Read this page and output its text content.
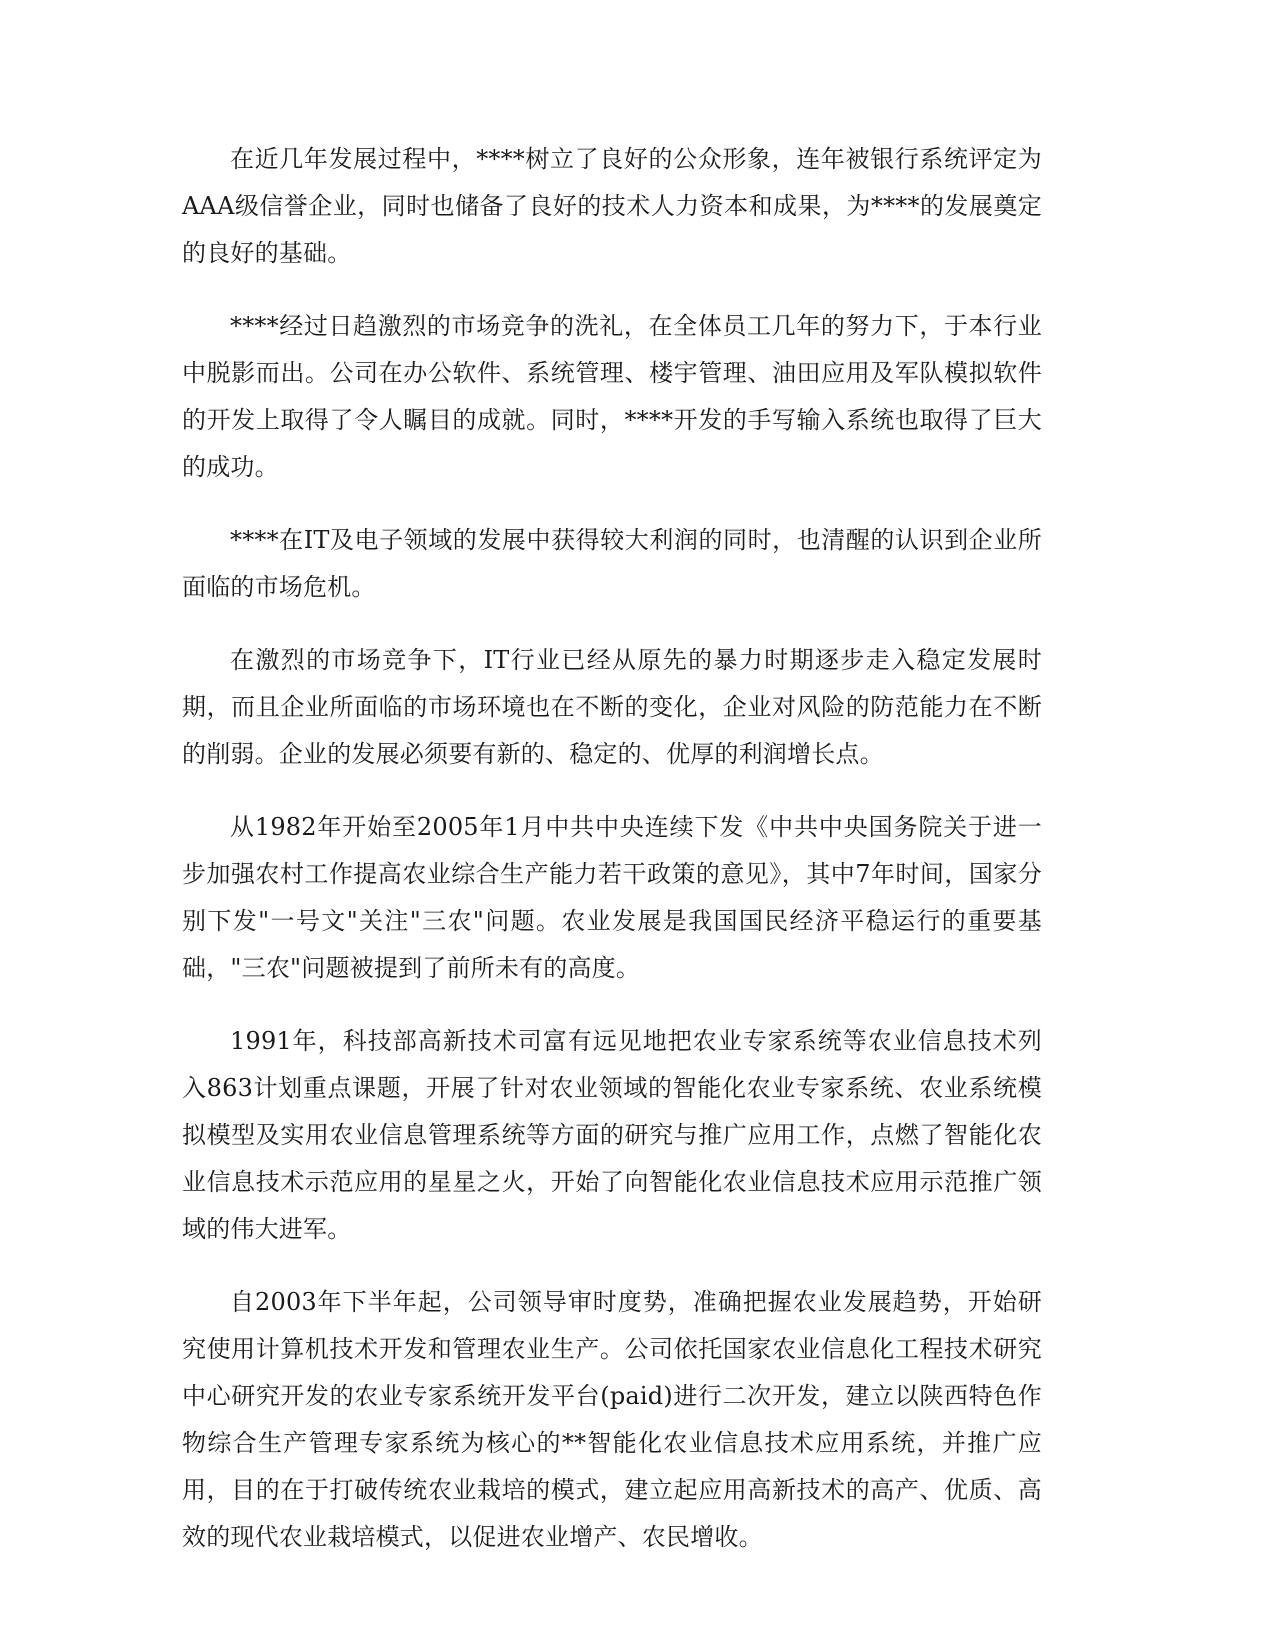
在近几年发展过程中，****树立了良好的公众形象，连年被银行系统评定为AAA级信誉企业，同时也储备了良好的技术人力资本和成果，为****的发展奠定的良好的基础。

****经过日趋激烈的市场竞争的洗礼，在全体员工几年的努力下，于本行业中脱影而出。公司在办公软件、系统管理、楼宇管理、油田应用及军队模拟软件的开发上取得了令人瞩目的成就。同时，****开发的手写输入系统也取得了巨大的成功。

****在IT及电子领域的发展中获得较大利润的同时，也清醒的认识到企业所面临的市场危机。

在激烈的市场竞争下，IT行业已经从原先的暴力时期逐步走入稳定发展时期，而且企业所面临的市场环境也在不断的变化，企业对风险的防范能力在不断的削弱。企业的发展必须要有新的、稳定的、优厚的利润增长点。

从1982年开始至2005年1月中共中央连续下发《中共中央国务院关于进一步加强农村工作提高农业综合生产能力若干政策的意见》，其中7年时间，国家分别下发"一号文"关注"三农"问题。农业发展是我国国民经济平稳运行的重要基础，"三农"问题被提到了前所未有的高度。

1991年，科技部高新技术司富有远见地把农业专家系统等农业信息技术列入863计划重点课题，开展了针对农业领域的智能化农业专家系统、农业系统模拟模型及实用农业信息管理系统等方面的研究与推广应用工作，点燃了智能化农业信息技术示范应用的星星之火，开始了向智能化农业信息技术应用示范推广领域的伟大进军。

自2003年下半年起，公司领导审时度势，准确把握农业发展趋势，开始研究使用计算机技术开发和管理农业生产。公司依托国家农业信息化工程技术研究中心研究开发的农业专家系统开发平台(paid)进行二次开发，建立以陕西特色作物综合生产管理专家系统为核心的**智能化农业信息技术应用系统，并推广应用，目的在于打破传统农业栽培的模式，建立起应用高新技术的高产、优质、高效的现代农业栽培模式，以促进农业增产、农民增收。
